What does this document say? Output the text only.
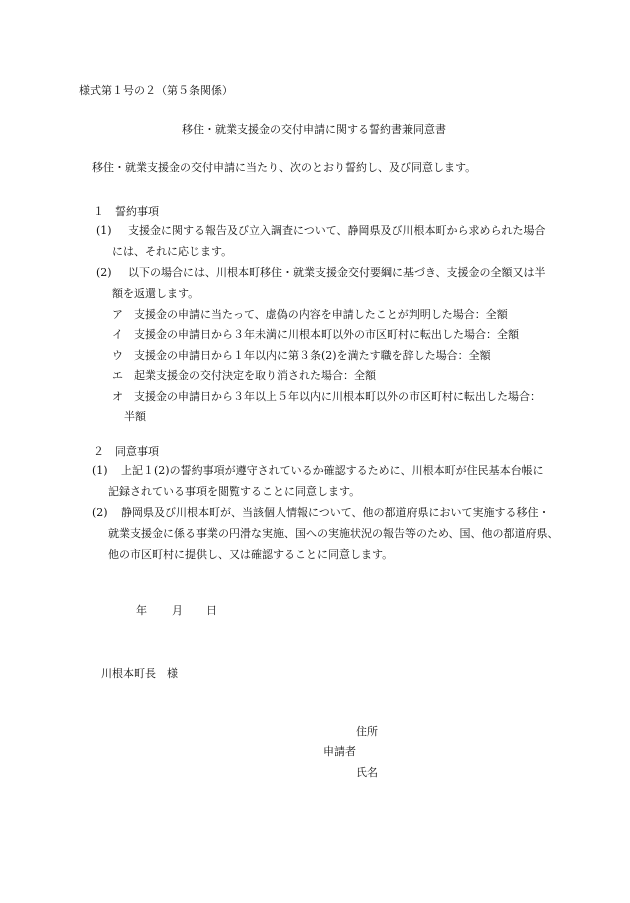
様式第１号の２（第５条関係）
移住・就業支援金の交付申請に関する誓約書兼同意書
移住・就業支援金の交付申請に当たり、次のとおり誓約し、及び同意します。
１　誓約事項
(1) 支援金に関する報告及び立入調査について、静岡県及び川根本町から求められた場合
には、それに応じます。
(2) 以下の場合には、川根本町移住・就業支援金交付要綱に基づき、支援金の全額又は半
額を返還します。
ア 支援金の申請に当たって、虚偽の内容を申請したことが判明した場合：全額
イ 支援金の申請日から３年未満に川根本町以外の市区町村に転出した場合：全額
ウ 支援金の申請日から１年以内に第３条(2)を満たす職を辞した場合：全額
エ 起業支援金の交付決定を取り消された場合：全額
オ 支援金の申請日から３年以上５年以内に川根本町以外の市区町村に転出した場合：
半額
２　同意事項
(1) 上記１(2)の誓約事項が遵守されているか確認するために、川根本町が住民基本台帳に
記録されている事項を閲覧することに同意します。
(2) 静岡県及び川根本町が、当該個人情報について、他の都道府県において実施する移住・
就業支援金に係る事業の円滑な実施、国への実施状況の報告等のため、国、他の都道府県、
他の市区町村に提供し、又は確認することに同意します。
年 月 日
川根本町長　様
住所
申請者
氏名
